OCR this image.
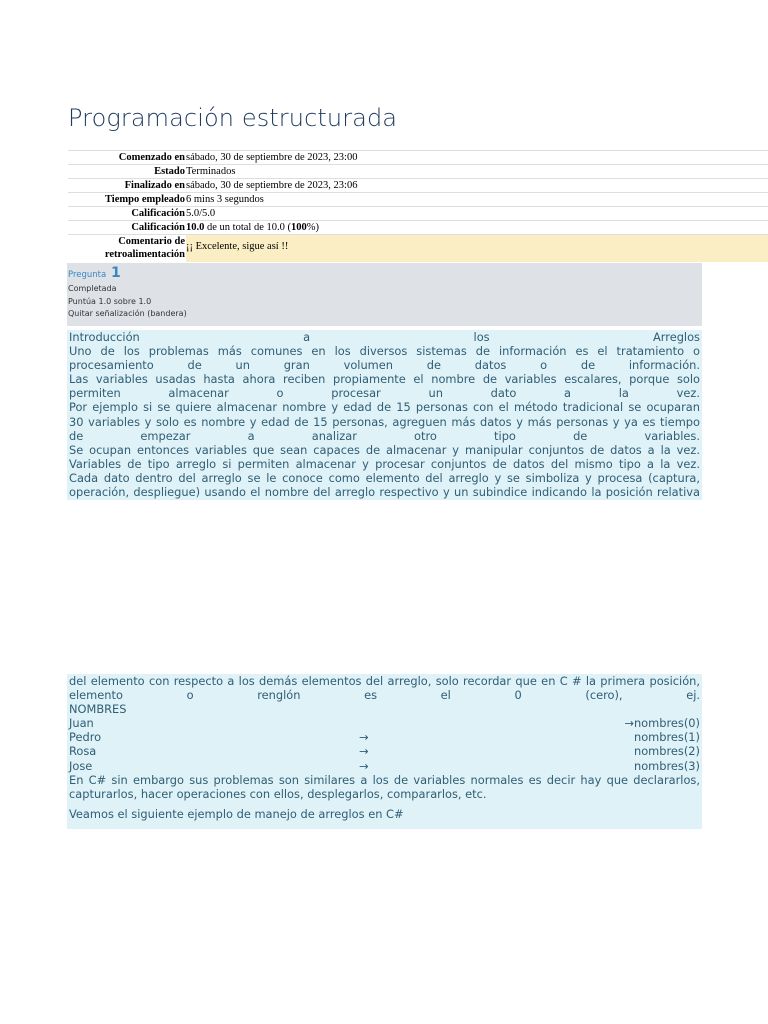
Programación estructurada
Comenzado en	sábado, 30 de septiembre de 2023, 23:00
Estado	Terminados
Finalizado en	sábado, 30 de septiembre de 2023, 23:06
Tiempo empleado	6 mins 3 segundos
Calificación	5.0/5.0
Calificación	10.0 de un total de 10.0 (100%)
Comentario de retroalimentación	¡¡ Excelente, sigue así !!
Pregunta 1
Completada
Puntúa 1.0 sobre 1.0
Quitar señalización (bandera)
Introducción a los Arreglos
Uno de los problemas más comunes en los diversos sistemas de información es el tratamiento o
procesamiento de un gran volumen de datos o de información.
Las variables usadas hasta ahora reciben propiamente el nombre de variables escalares, porque solo
permiten almacenar o procesar un dato a la vez.
Por ejemplo si se quiere almacenar nombre y edad de 15 personas con el método tradicional se ocuparan
30 variables y solo es nombre y edad de 15 personas, agreguen más datos y más personas y ya es tiempo
de empezar a analizar otro tipo de variables.
Se ocupan entonces variables que sean capaces de almacenar y manipular conjuntos de datos a la vez.
Variables de tipo arreglo si permiten almacenar y procesar conjuntos de datos del mismo tipo a la vez.
Cada dato dentro del arreglo se le conoce como elemento del arreglo y se simboliza y procesa (captura,
operación, despliegue) usando el nombre del arreglo respectivo y un subindice indicando la posición relativa
del elemento con respecto a los demás elementos del arreglo, solo recordar que en C # la primera posición,
elemento o renglón es el 0 (cero), ej.
NOMBRES
Juan	→nombres(0)
Pedro	→	nombres(1)
Rosa	→	nombres(2)
Jose	→	nombres(3)
En C# sin embargo sus problemas son similares a los de variables normales es decir hay que declararlos,
capturarlos, hacer operaciones con ellos, desplegarlos, compararlos, etc.
Veamos el siguiente ejemplo de manejo de arreglos en C#
